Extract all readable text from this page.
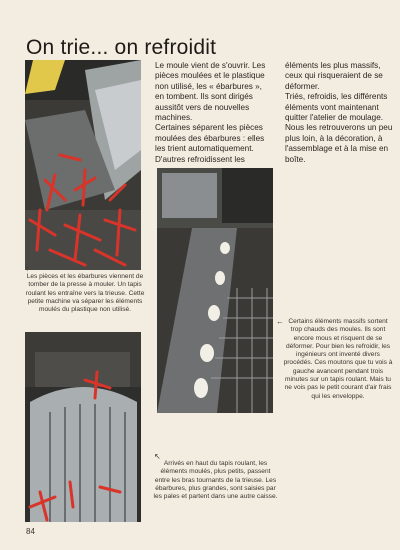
On trie... on refroidit
↑
Les pièces et les ébarbures viennent de tomber de la presse à mouler. Un tapis roulant les entraîne vers la trieuse. Cette petite machine va séparer les éléments moulés du plastique non utilisé.

Le moule vient de s'ouvrir. Les pièces moulées et le plastique non utilisé, les « ébarbures », en tombent. Ils sont dirigés aussitôt vers de nouvelles machines.

Certaines séparent les pièces moulées des ébarbures : elles les trient automatiquement. D'autres refroidissent les

éléments les plus massifs, ceux qui risqueraient de se déformer.

Triés, refroidis, les différents éléments vont maintenant quitter l'atelier de moulage. Nous les retrouverons un peu plus loin, à la décoration, à l'assemblage et à la mise en boîte.

← Certains éléments massifs sortent trop chauds des moules. Ils sont encore mous et risquent de se déformer. Pour bien les refroidir, les ingénieurs ont inventé divers procédés. Ces moutons que tu vois à gauche avancent pendant trois minutes sur un tapis roulant. Mais tu ne vois pas le petit courant d'air frais qui les enveloppe.
↖
Arrivés en haut du tapis roulant, les éléments moulés, plus petits, passent entre les bras tournants de la trieuse. Les ébarbures, plus grandes, sont saisies par les pales et partent dans une autre caisse.
84
